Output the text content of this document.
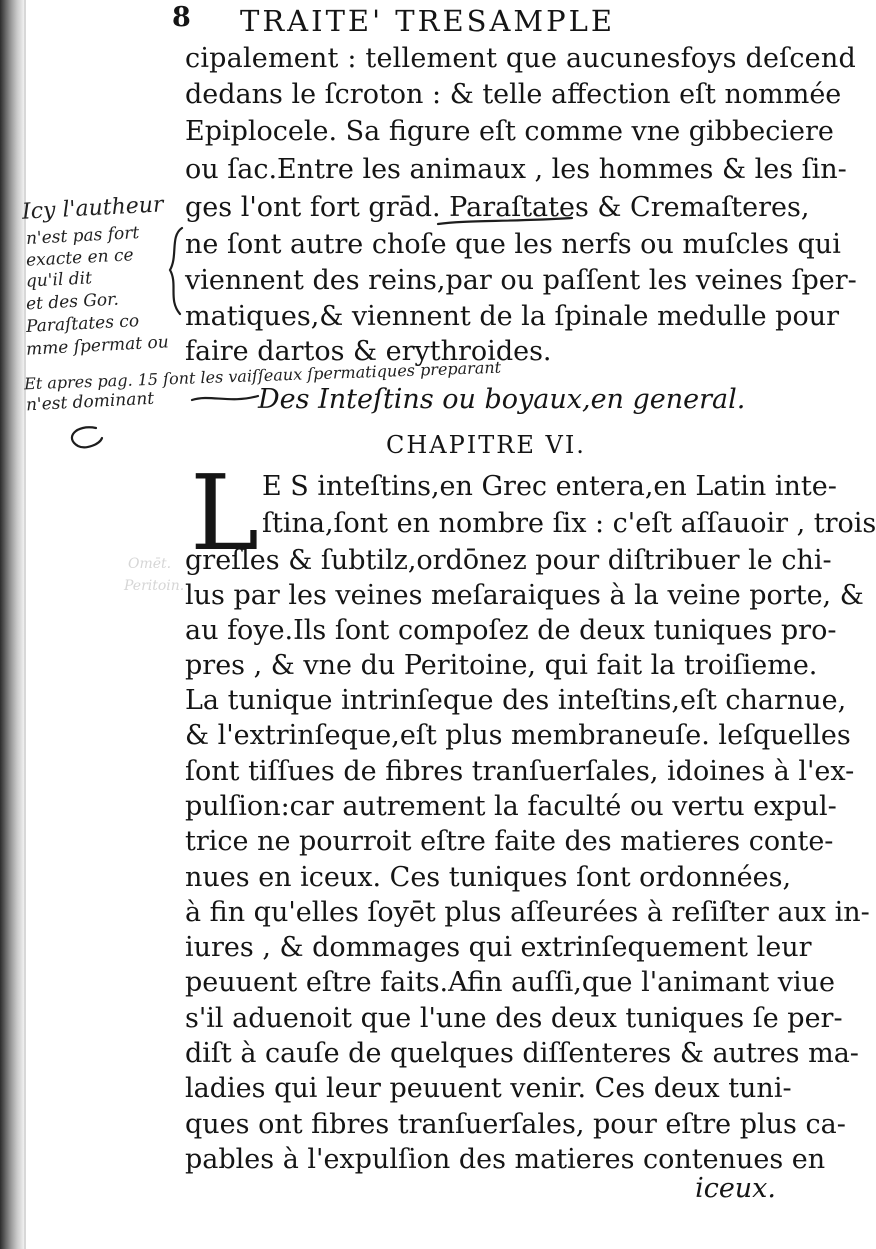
8 TRAITE' TRESAMPLE

cipalement : tellement que aucunesfoys deſcend

dedans le ſcroton : & telle affection eſt nommée

Epiplocele. Sa figure eſt comme vne gibbeciere

ou ſac.Entre les animaux , les hommes & les ſin-

ges l'ont fort grād. Paraſtates & Cremaſteres,

ne ſont autre choſe que les nerfs ou muſcles qui

viennent des reins,par ou paſſent les veines ſper-

matiques,& viennent de la ſpinale medulle pour

faire dartos & erythroides.

Des Inteſtins ou boyaux,en general.
CHAPITRE VI.
L E S inteſtins,en Grec entera,en Latin inte-

ſtina,ſont en nombre ſix : c'eſt aſſauoir , trois

greſles & ſubtilz,ordōnez pour diſtribuer le chi-

lus par les veines meſaraiques à la veine porte, &

au foye.Ils ſont compoſez de deux tuniques pro-

pres , & vne du Peritoine, qui fait la troiſieme.

La tunique intrinſeque des inteſtins,eſt charnue,

& l'extrinſeque,eſt plus membraneuſe. leſquelles

ſont tiſſues de fibres tranſuerſales, idoines à l'ex-

pulſion:car autrement la faculté ou vertu expul-

trice ne pourroit eſtre faite des matieres conte-

nues en iceux. Ces tuniques ſont ordonnées,

à fin qu'elles ſoyēt plus aſſeurées à reſiſter aux in-

iures , & dommages qui extrinſequement leur

peuuent eſtre faits.Afin auſſi,que l'animant viue

s'il aduenoit que l'une des deux tuniques ſe per-

diſt à cauſe de quelques diſſenteres & autres ma-

ladies qui leur peuuent venir. Ces deux tuni-

ques ont fibres tranſuerſales, pour eſtre plus ca-

pables à l'expulſion des matieres contenues en

iceux.

Icy l'autheur

n'est pas fort

exacte en ce

qu'il dit

et des Gor.

Paraſtates co

mme ſpermat ou

Et apres pag. 15 ſont les vaiſſeaux ſpermatiques preparant

n'est dominant

Omēt.
Peritoin.
